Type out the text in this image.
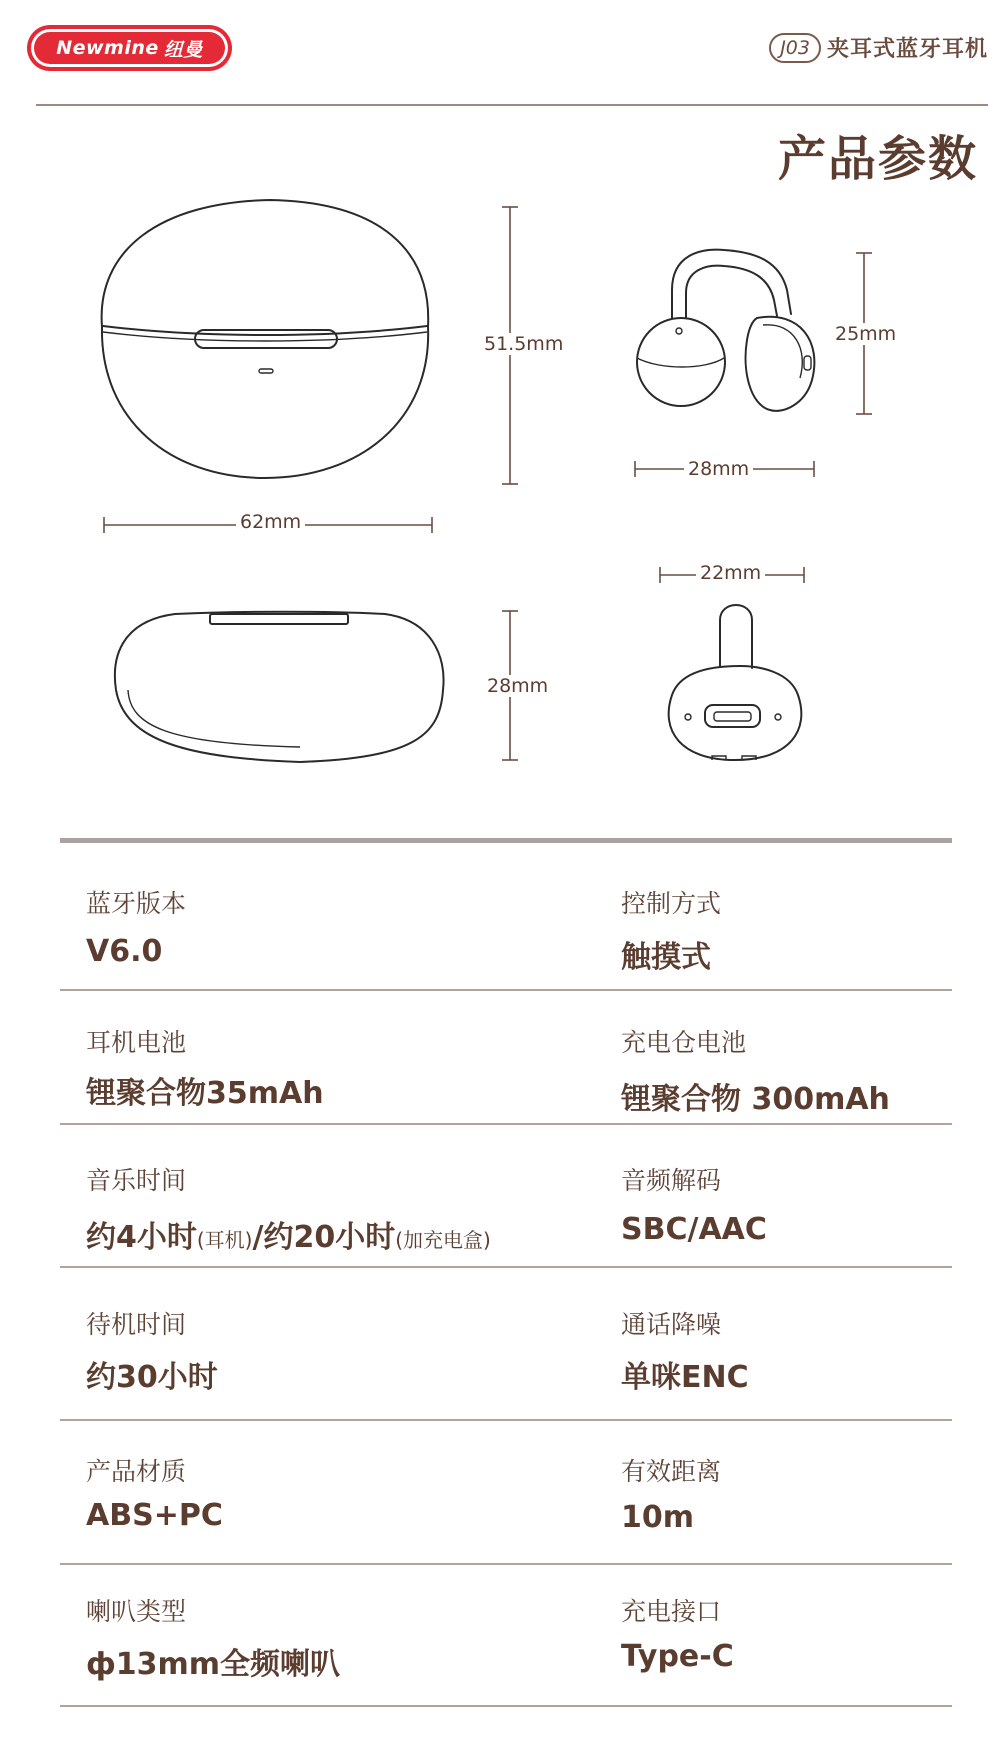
Newmine 纽曼	J03 夹耳式蓝牙耳机
产品参数
51.5mm
62mm
28mm
25mm
28mm
22mm
蓝牙版本
V6.0
控制方式
触摸式
耳机电池
锂聚合物35mAh
充电仓电池
锂聚合物 300mAh
音乐时间
约4小时(耳机)/约20小时(加充电盒)
音频解码
SBC/AAC
待机时间
约30小时
通话降噪
单咪ENC
产品材质
ABS+PC
有效距离
10m
喇叭类型
ф13mm全频喇叭
充电接口
Type-C
